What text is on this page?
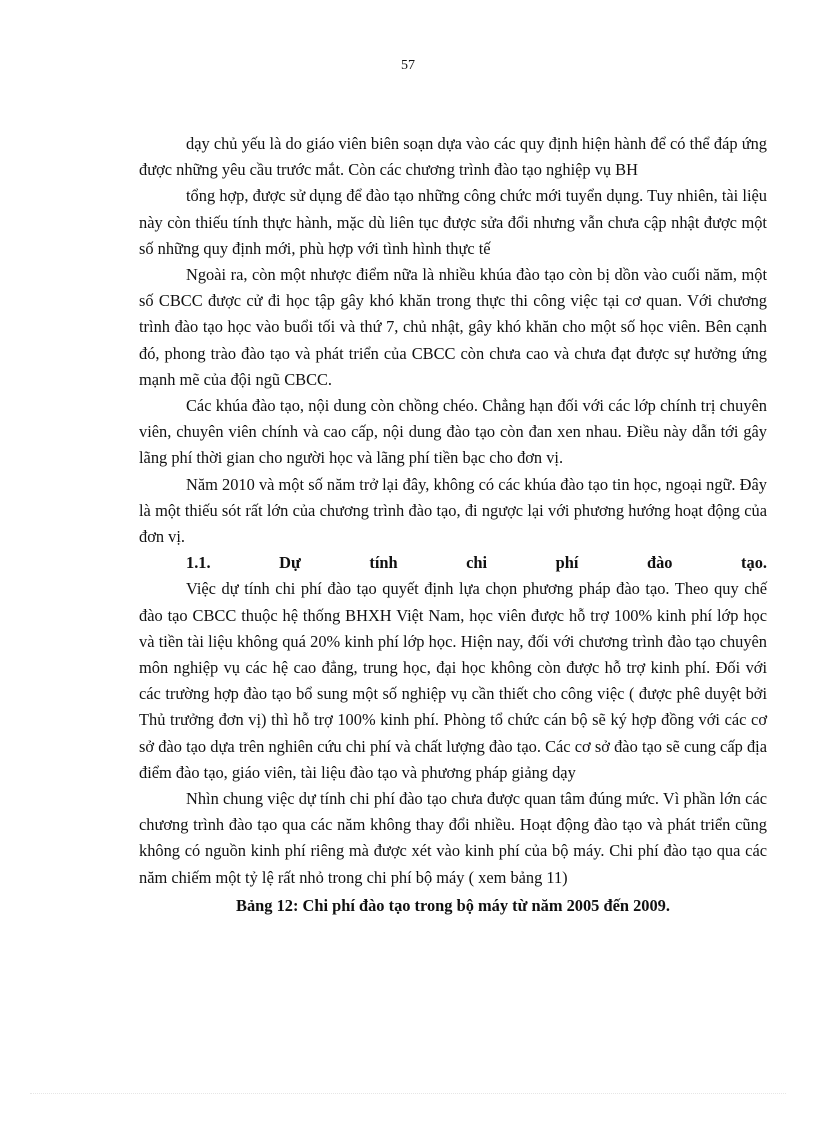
57

dạy chủ yếu là do giáo viên biên soạn dựa vào các quy định hiện hành để có thể đáp ứng được những yêu cầu trước mắt. Còn các chương trình đào tạo nghiệp vụ BH

tổng hợp, được sử dụng để đào tạo những công chức mới tuyển dụng. Tuy nhiên, tài liệu này còn thiếu tính thực hành, mặc dù liên tục được sửa đổi nhưng vẫn chưa cập nhật được một số những quy định mới, phù hợp với tình hình thực tế

Ngoài ra, còn một nhược điểm nữa là nhiều khúa đào tạo còn bị dồn vào cuối năm, một số CBCC được cử đi học tập gây khó khăn trong thực thi công việc tại cơ quan. Với chương trình đào tạo học vào buổi tối và thứ 7, chủ nhật, gây khó khăn cho một số học viên. Bên cạnh đó, phong trào đào tạo và phát triển của CBCC còn chưa cao và chưa đạt được sự hưởng ứng mạnh mẽ của đội ngũ CBCC.

Các khúa đào tạo, nội dung còn chồng chéo. Chẳng hạn đối với các lớp chính trị chuyên viên, chuyên viên chính và cao cấp, nội dung đào tạo còn đan xen nhau. Điều này dẫn tới gây lãng phí thời gian cho người học và lãng phí tiền bạc cho đơn vị.

Năm 2010 và một số năm trở lại đây, không có các khúa đào tạo tin học, ngoại ngữ. Đây là một thiếu sót rất lớn của chương trình đào tạo, đi ngược lại với phương hướng hoạt động của đơn vị.

1.1. Dự tính chi phí đào tạo.

Việc dự tính chi phí đào tạo quyết định lựa chọn phương pháp đào tạo. Theo quy chế đào tạo CBCC thuộc hệ thống BHXH Việt Nam, học viên được hỗ trợ 100% kinh phí lớp học và tiền tài liệu không quá 20% kinh phí lớp học. Hiện nay, đối với chương trình đào tạo chuyên môn nghiệp vụ các hệ cao đẳng, trung học, đại học không còn được hỗ trợ kinh phí. Đối với các trường hợp đào tạo bổ sung một số nghiệp vụ cần thiết cho công việc ( được phê duyệt bởi Thủ trưởng đơn vị) thì hỗ trợ 100% kinh phí. Phòng tổ chức cán bộ sẽ ký hợp đồng với các cơ sở đào tạo dựa trên nghiên cứu chi phí và chất lượng đào tạo. Các cơ sở đào tạo sẽ cung cấp địa điểm đào tạo, giáo viên, tài liệu đào tạo và phương pháp giảng dạy

Nhìn chung việc dự tính chi phí đào tạo chưa được quan tâm đúng mức. Vì phần lớn các chương trình đào tạo qua các năm không thay đổi nhiều. Hoạt động đào tạo và phát triển cũng không có nguồn kinh phí riêng mà được xét vào kinh phí của bộ máy. Chi phí đào tạo qua các năm chiếm một tỷ lệ rất nhỏ trong chi phí bộ máy ( xem bảng 11)

Bảng 12: Chi phí đào tạo trong bộ máy từ năm 2005 đến 2009.
